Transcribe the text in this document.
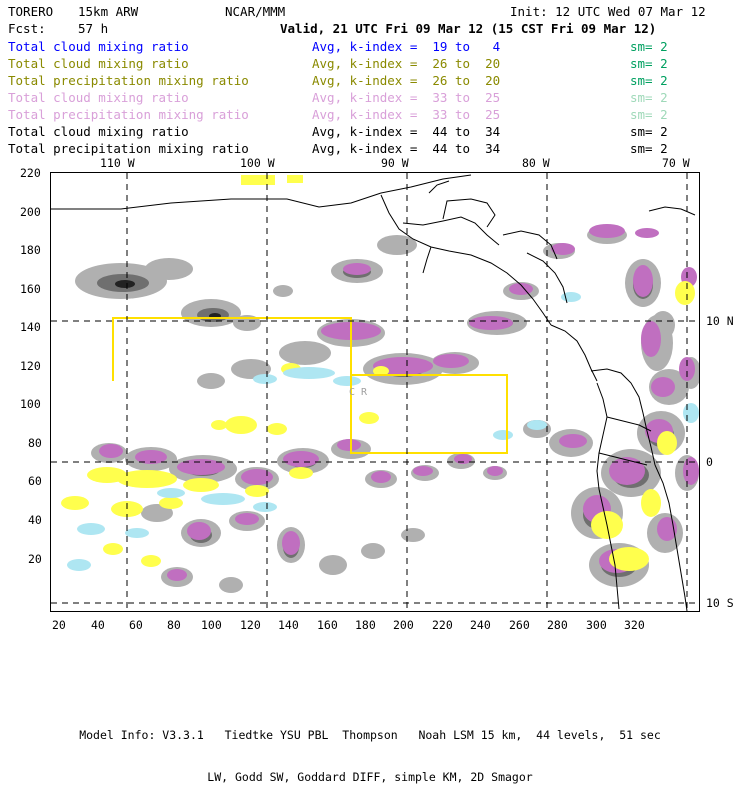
TORERO 15km ARW	NCAR/MMM	Init: 12 UTC Wed 07 Mar 12
Fcst:	57 h	Valid, 21 UTC Fri 09 Mar 12 (15 CST Fri 09 Mar 12)
Total cloud mixing ratio	Avg, k-index =  19 to   4	sm= 2
Total cloud mixing ratio	Avg, k-index =  26 to  20	sm= 2
Total precipitation mixing ratio	Avg, k-index =  26 to  20	sm= 2
Total cloud mixing ratio	Avg, k-index =  33 to  25	sm= 2
Total precipitation mixing ratio	Avg, k-index =  33 to  25	sm= 2
Total cloud mixing ratio	Avg, k-index =  44 to  34	sm= 2
Total precipitation mixing ratio	Avg, k-index =  44 to  34	sm= 2
110 W	100 W	90 W	80 W	70 W
10 N
0
10 S
220
200
180
160
140
120
100
80
60
40
20
20 40 60 80 100 120 140 160 180 200 220 240 260 280 300 320
C R

Model Info: V3.3.1   Tiedtke YSU PBL  Thompson   Noah LSM 15 km,  44 levels,  51 sec

LW, Godd SW, Goddard DIFF, simple KM, 2D Smagor
